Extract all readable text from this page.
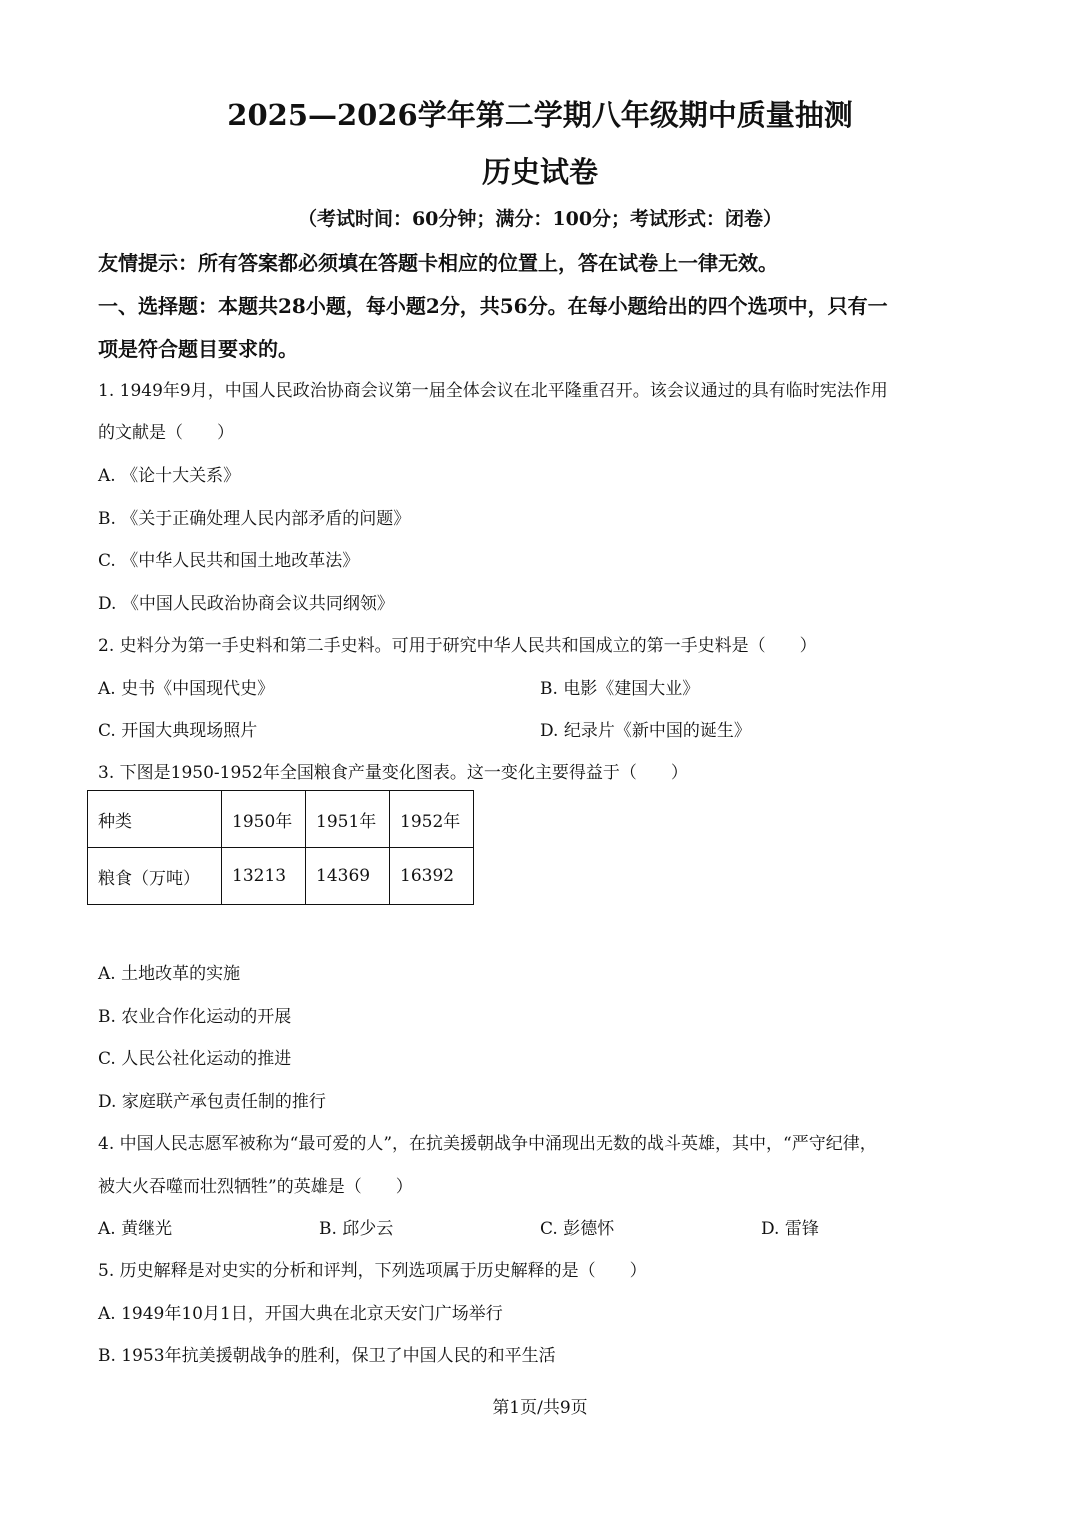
2025—2026学年第二学期八年级期中质量抽测
历史试卷
（考试时间：60分钟；满分：100分；考试形式：闭卷）
友情提示：所有答案都必须填在答题卡相应的位置上，答在试卷上一律无效。
一、选择题：本题共28小题，每小题2分，共56分。在每小题给出的四个选项中，只有一
项是符合题目要求的。
1. 1949年9月，中国人民政治协商会议第一届全体会议在北平隆重召开。该会议通过的具有临时宪法作用
的文献是（　　）
A. 《论十大关系》
B. 《关于正确处理人民内部矛盾的问题》
C. 《中华人民共和国土地改革法》
D. 《中国人民政治协商会议共同纲领》
2. 史料分为第一手史料和第二手史料。可用于研究中华人民共和国成立的第一手史料是（　　）
A. 史书《中国现代史》	B. 电影《建国大业》
C. 开国大典现场照片	D. 纪录片《新中国的诞生》
3. 下图是1950-1952年全国粮食产量变化图表。这一变化主要得益于（　　）
种类	1950年	1951年	1952年
粮食（万吨）	13213	14369	16392
A. 土地改革的实施
B. 农业合作化运动的开展
C. 人民公社化运动的推进
D. 家庭联产承包责任制的推行
4. 中国人民志愿军被称为“最可爱的人”，在抗美援朝战争中涌现出无数的战斗英雄，其中，“严守纪律，
被大火吞噬而壮烈牺牲”的英雄是（　　）
A. 黄继光	B. 邱少云	C. 彭德怀	D. 雷锋
5. 历史解释是对史实的分析和评判，下列选项属于历史解释的是（　　）
A. 1949年10月1日，开国大典在北京天安门广场举行
B. 1953年抗美援朝战争的胜利，保卫了中国人民的和平生活
第1页/共9页
